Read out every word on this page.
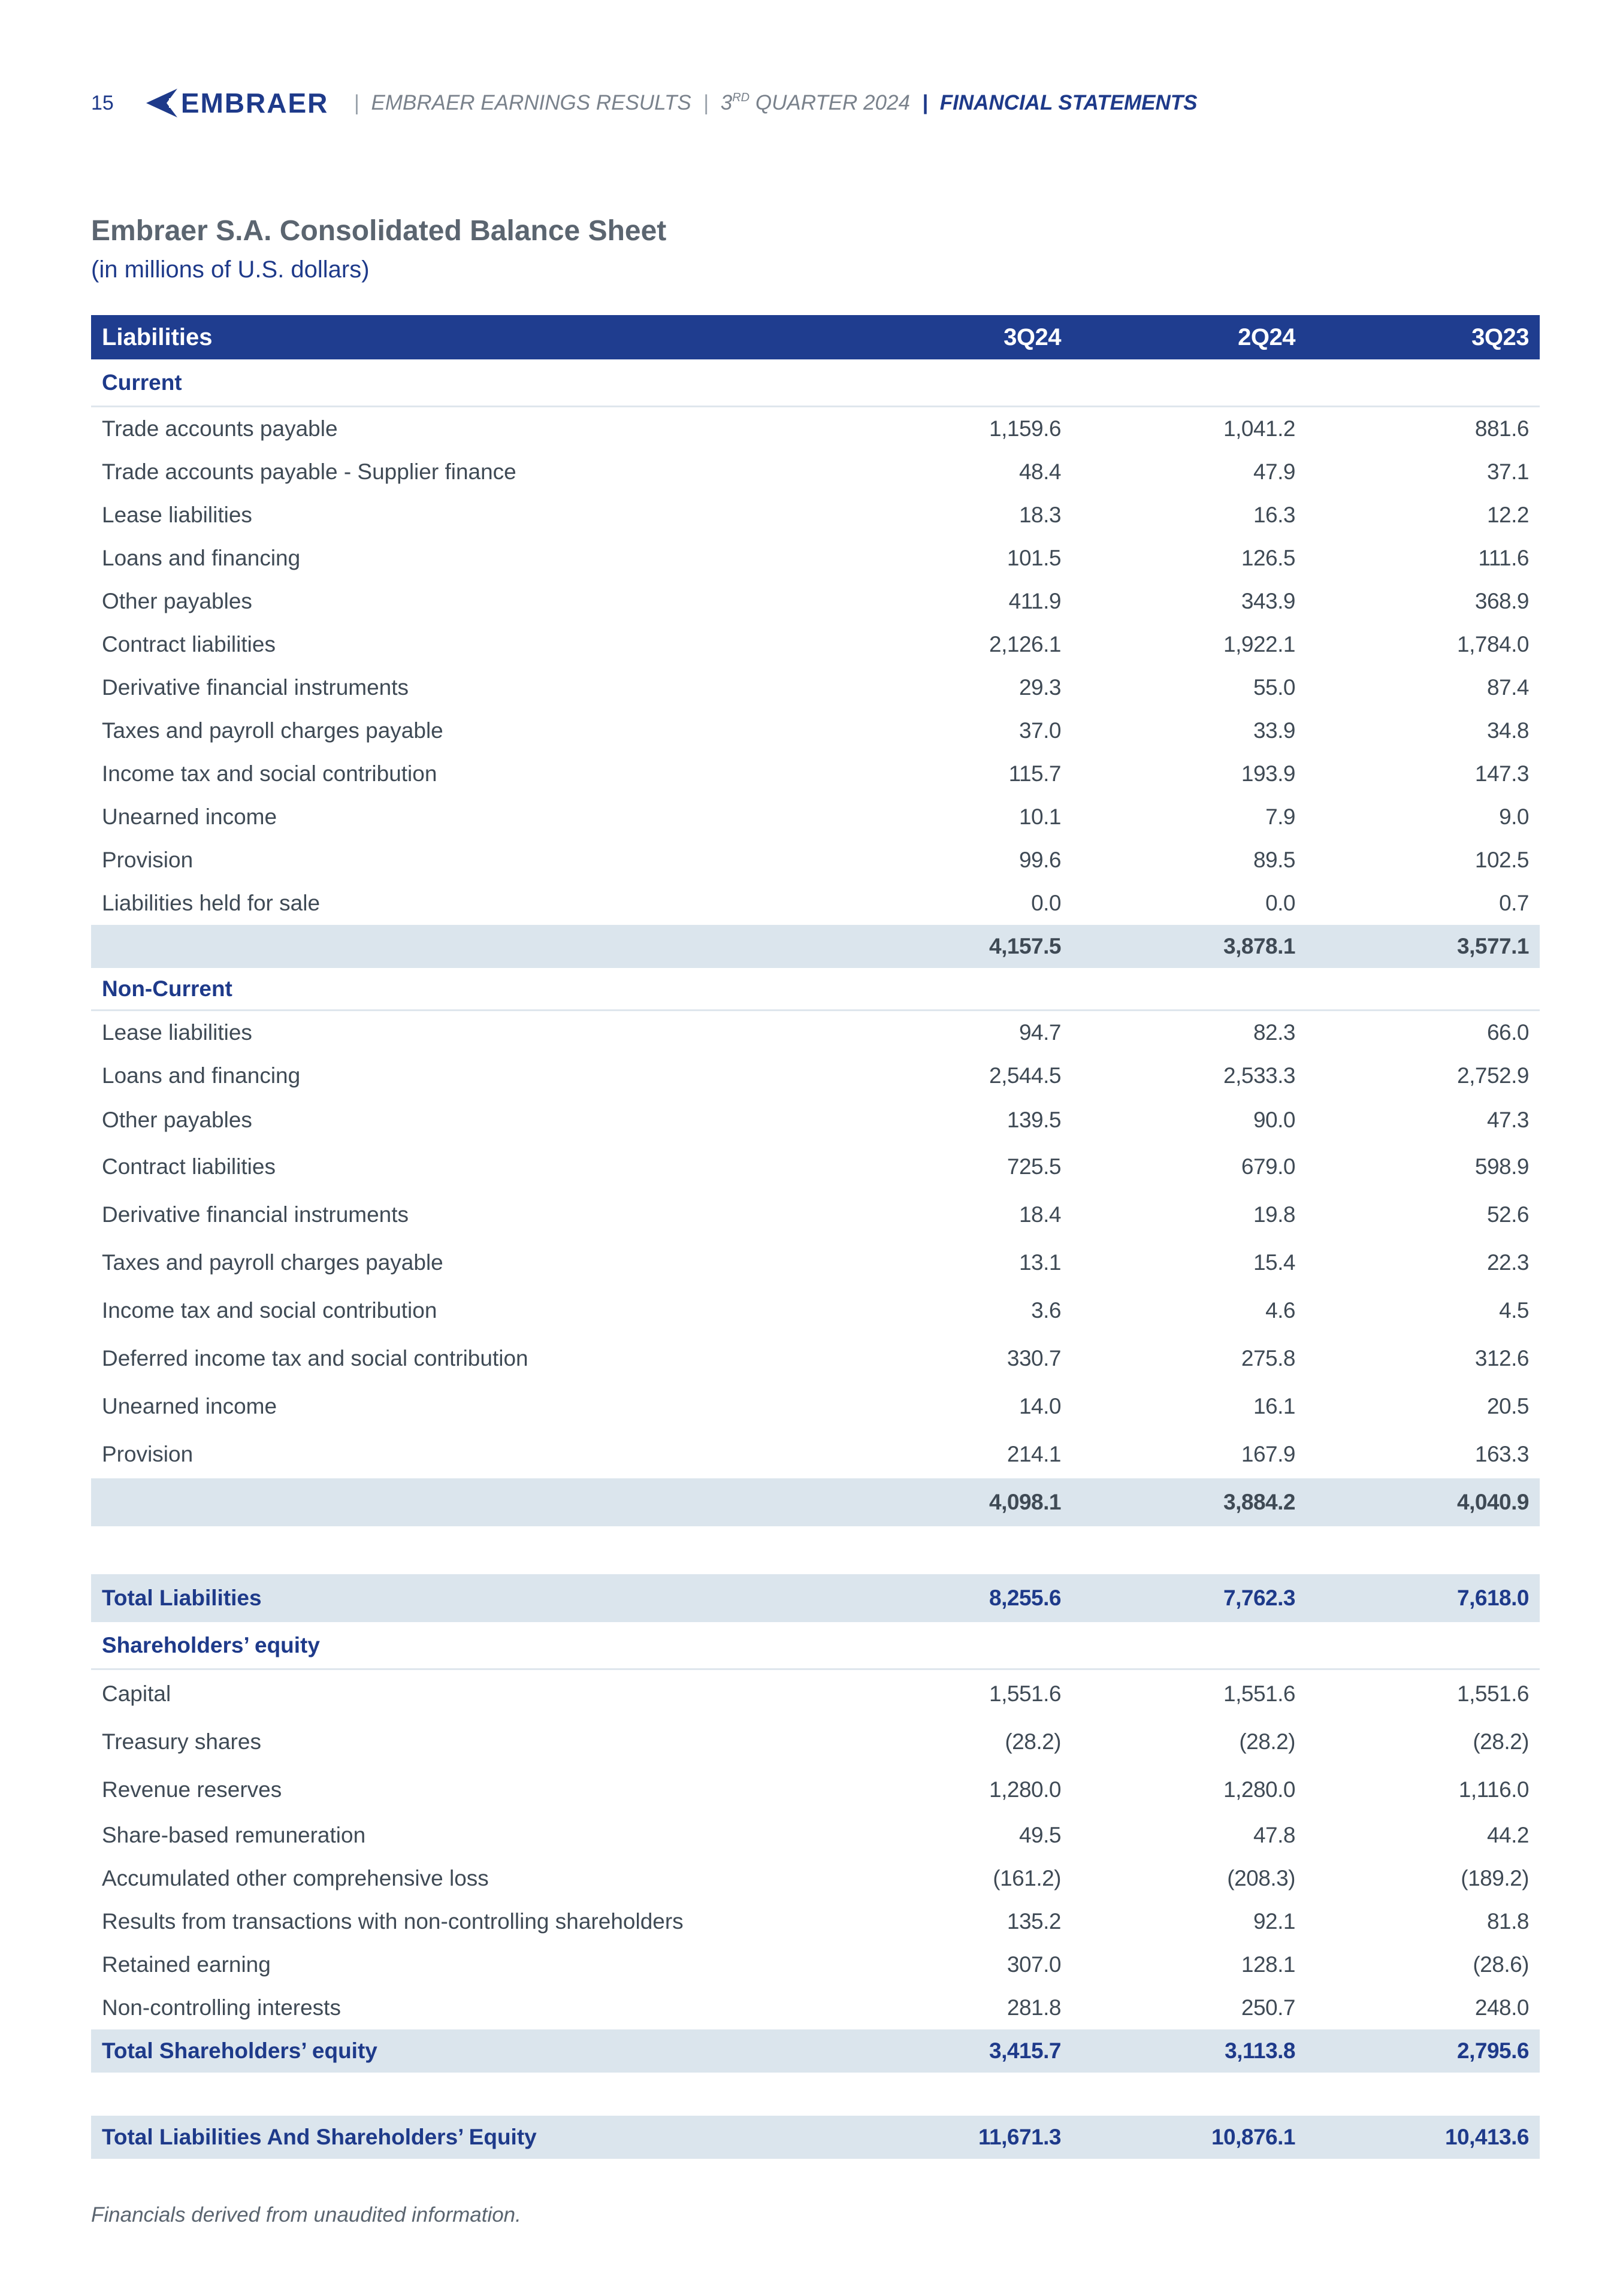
15 EMBRAER | EMBRAER EARNINGS RESULTS | 3RD QUARTER 2024 | FINANCIAL STATEMENTS
Embraer S.A. Consolidated Balance Sheet
(in millions of U.S. dollars)
Liabilities	3Q24	2Q24	3Q23
Current
Trade accounts payable	1,159.6	1,041.2	881.6
Trade accounts payable - Supplier finance	48.4	47.9	37.1
Lease liabilities	18.3	16.3	12.2
Loans and financing	101.5	126.5	111.6
Other payables	411.9	343.9	368.9
Contract liabilities	2,126.1	1,922.1	1,784.0
Derivative financial instruments	29.3	55.0	87.4
Taxes and payroll charges payable	37.0	33.9	34.8
Income tax and social contribution	115.7	193.9	147.3
Unearned income	10.1	7.9	9.0
Provision	99.6	89.5	102.5
Liabilities held for sale	0.0	0.0	0.7
4,157.5	3,878.1	3,577.1
Non-Current
Lease liabilities	94.7	82.3	66.0
Loans and financing	2,544.5	2,533.3	2,752.9
Other payables	139.5	90.0	47.3
Contract liabilities	725.5	679.0	598.9
Derivative financial instruments	18.4	19.8	52.6
Taxes and payroll charges payable	13.1	15.4	22.3
Income tax and social contribution	3.6	4.6	4.5
Deferred income tax and social contribution	330.7	275.8	312.6
Unearned income	14.0	16.1	20.5
Provision	214.1	167.9	163.3
4,098.1	3,884.2	4,040.9
Total Liabilities	8,255.6	7,762.3	7,618.0
Shareholders’ equity
Capital	1,551.6	1,551.6	1,551.6
Treasury shares	(28.2)	(28.2)	(28.2)
Revenue reserves	1,280.0	1,280.0	1,116.0
Share-based remuneration	49.5	47.8	44.2
Accumulated other comprehensive loss	(161.2)	(208.3)	(189.2)
Results from transactions with non-controlling shareholders	135.2	92.1	81.8
Retained earning	307.0	128.1	(28.6)
Non-controlling interests	281.8	250.7	248.0
Total Shareholders’ equity	3,415.7	3,113.8	2,795.6
Total Liabilities And Shareholders’ Equity	11,671.3	10,876.1	10,413.6
Financials derived from unaudited information.
